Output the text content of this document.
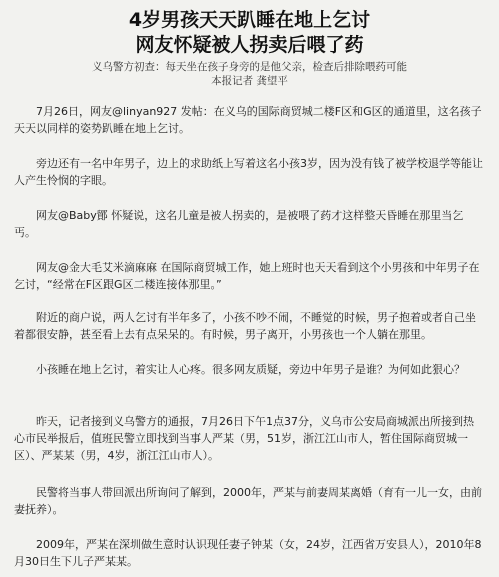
4岁男孩天天趴睡在地上乞讨
网友怀疑被人拐卖后喂了药
义乌警方初查：每天坐在孩子身旁的是他父亲，检查后排除喂药可能
本报记者 龚望平

7月26日，网友@linyan927 发帖：在义乌的国际商贸城二楼F区和G区的通道里，这名孩子天天以同样的姿势趴睡在地上乞讨。

旁边还有一名中年男子，边上的求助纸上写着这名小孩3岁，因为没有钱了被学校退学等能让人产生怜悯的字眼。

网友@Baby鄮 怀疑说，这名儿童是被人拐卖的，是被喂了药才这样整天昏睡在那里当乞丐。

网友@金大毛艾米滴麻麻 在国际商贸城工作，她上班时也天天看到这个小男孩和中年男子在乞讨，“经常在F区跟G区二楼连接体那里。”

附近的商户说，两人乞讨有半年多了，小孩不吵不闹，不睡觉的时候，男子抱着或者自己坐着都很安静，甚至看上去有点呆呆的。有时候，男子离开，小男孩也一个人躺在那里。

小孩睡在地上乞讨，着实让人心疼。很多网友质疑，旁边中年男子是谁？为何如此狠心？

昨天，记者接到义乌警方的通报，7月26日下午1点37分，义乌市公安局商城派出所接到热心市民举报后，值班民警立即找到当事人严某（男，51岁，浙江江山市人，暂住国际商贸城一区）、严某某（男，4岁，浙江江山市人）。

民警将当事人带回派出所询问了解到，2000年，严某与前妻周某离婚（育有一儿一女，由前妻抚养）。

2009年，严某在深圳做生意时认识现任妻子钟某（女，24岁，江西省万安县人），2010年8月30日生下儿子严某某。
